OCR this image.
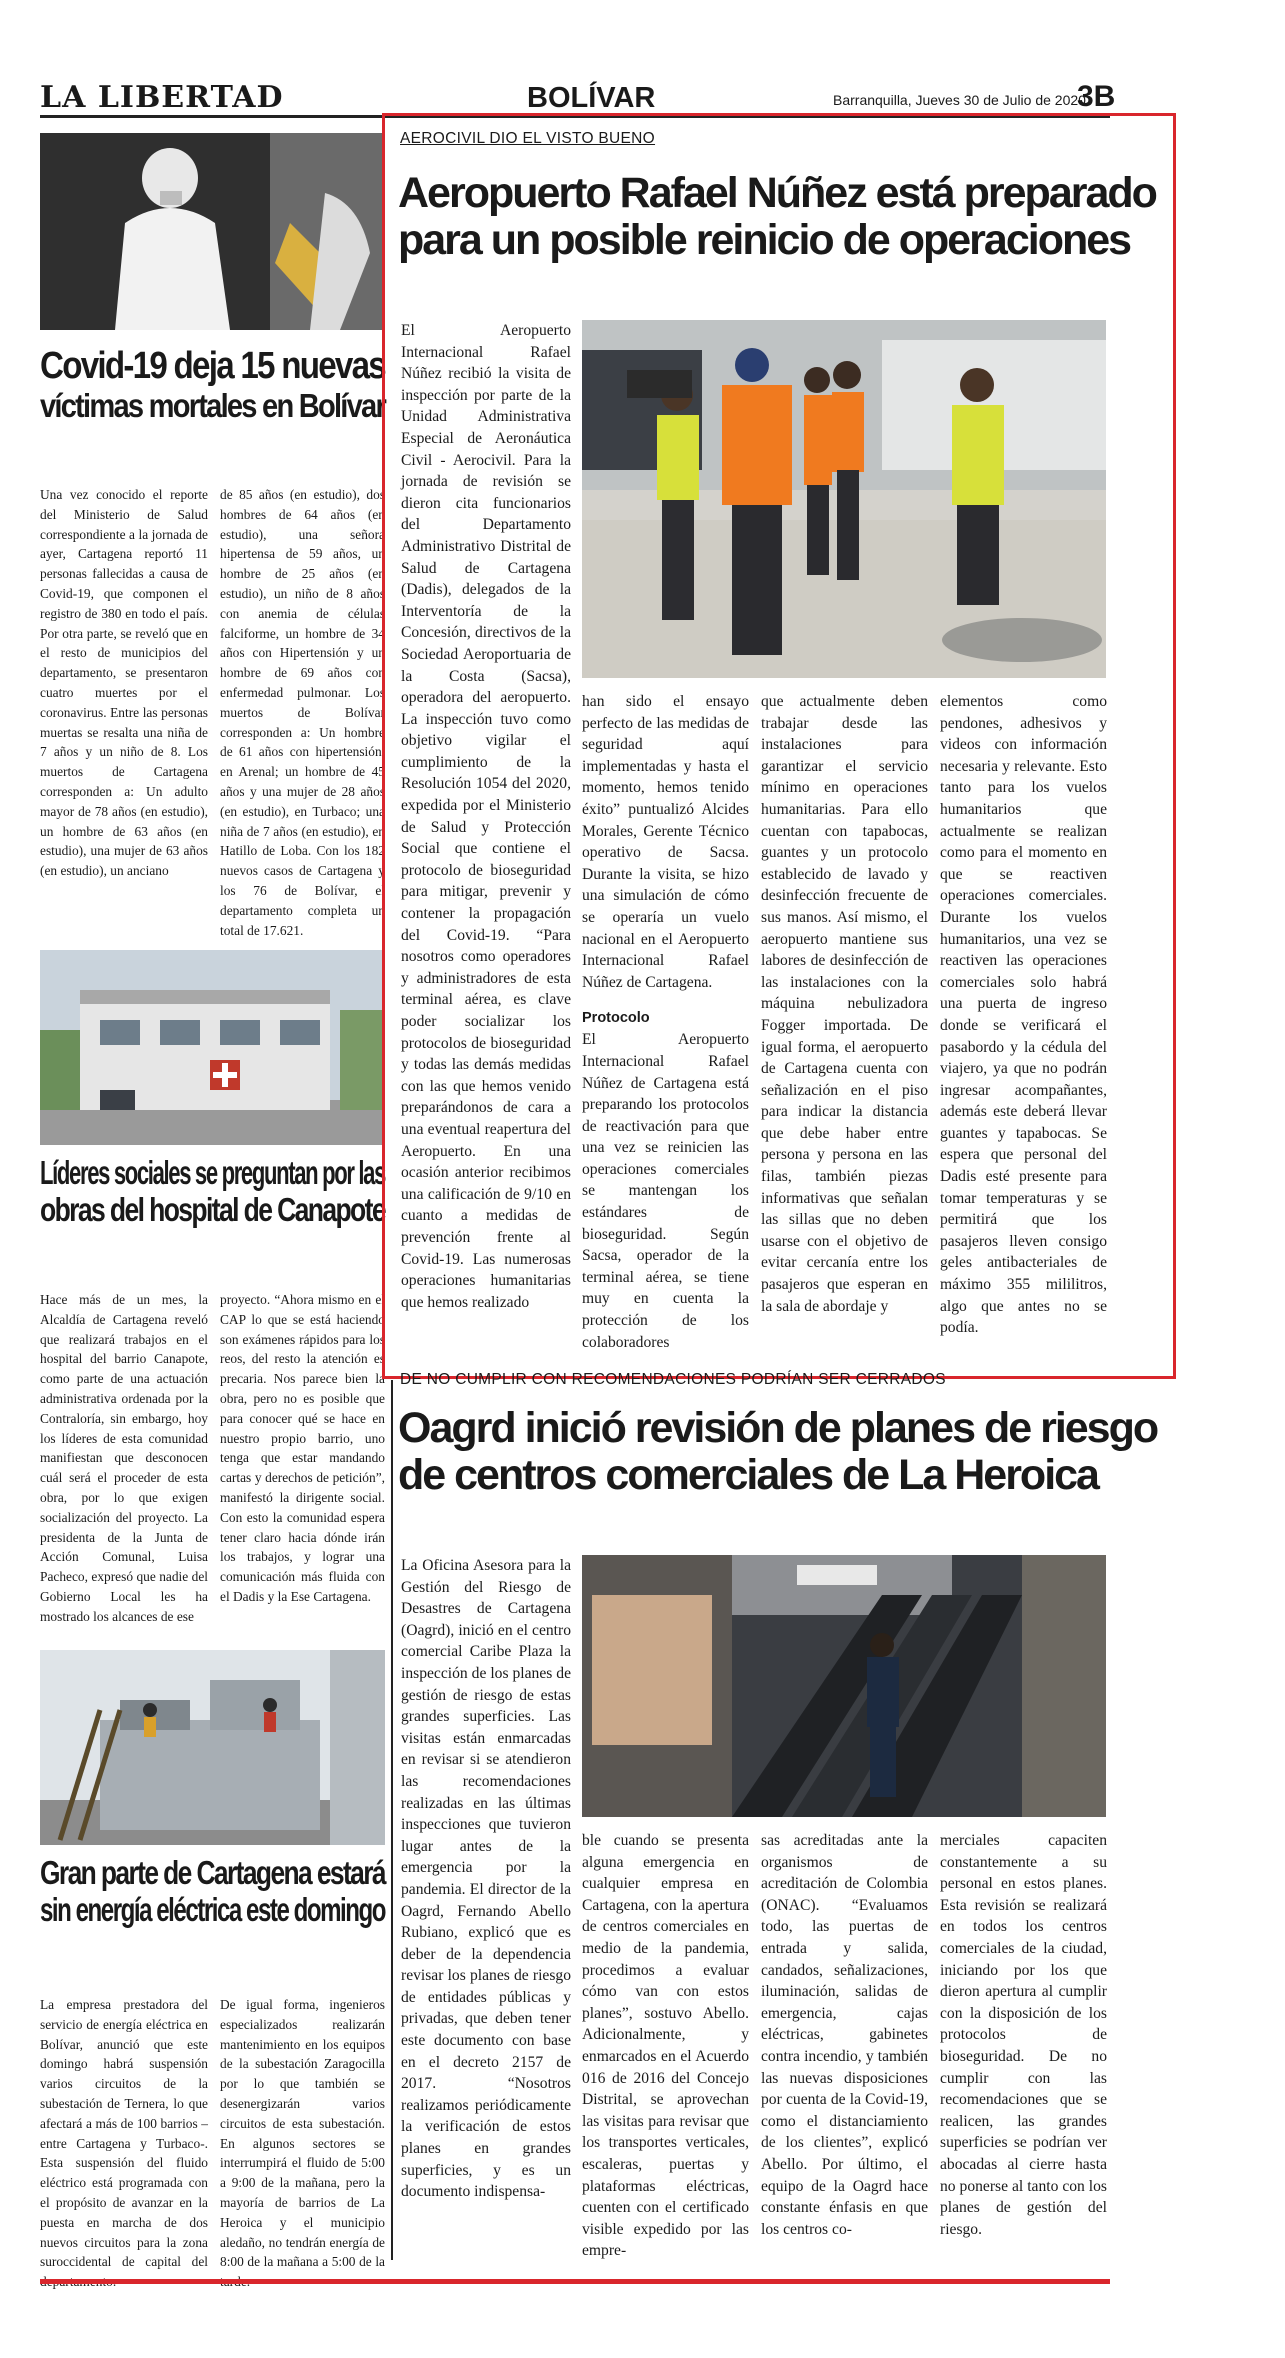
LA LIBERTAD	BOLÍVAR	Barranquilla, Jueves 30 de Julio de 2020
3B
Covid-19 deja 15 nuevas
víctimas mortales en Bolívar

Una vez conocido el reporte del Ministerio de Salud correspondiente a la jornada de ayer, Cartagena reportó 11 personas fallecidas a causa de Covid-19, que componen el registro de 380 en todo el país. Por otra parte, se reveló que en el resto de municipios del departamento, se presentaron cuatro muertes por el coronavirus. Entre las personas muertas se resalta una niña de 7 años y un niño de 8. Los muertos de Cartagena corresponden a: Un adulto mayor de 78 años (en estudio), un hombre de 63 años (en estudio), una mujer de 63 años (en estudio), un anciano

de 85 años (en estudio), dos hombres de 64 años (en estudio), una señora hipertensa de 59 años, un hombre de 25 años (en estudio), un niño de 8 años con anemia de células falciforme, un hombre de 34 años con Hipertensión y un hombre de 69 años con enfermedad pulmonar. Los muertos de Bolívar corresponden a: Un hombre de 61 años con hipertensión, en Arenal; un hombre de 45 años y una mujer de 28 años (en estudio), en Turbaco; una niña de 7 años (en estudio), en Hatillo de Loba. Con los 182 nuevos casos de Cartagena y los 76 de Bolívar, el departamento completa un total de 17.621.

Líderes sociales se preguntan por las
obras del hospital de Canapote

Hace más de un mes, la Alcaldía de Cartagena reveló que realizará trabajos en el hospital del barrio Canapote, como parte de una actuación administrativa ordenada por la Contraloría, sin embargo, hoy los líderes de esta comunidad manifiestan que desconocen cuál será el proceder de esta obra, por lo que exigen socialización del proyecto. La presidenta de la Junta de Acción Comunal, Luisa Pacheco, expresó que nadie del Gobierno Local les ha mostrado los alcances de ese

proyecto. “Ahora mismo en el CAP lo que se está haciendo son exámenes rápidos para los reos, del resto la atención es precaria. Nos parece bien la obra, pero no es posible que para conocer qué se hace en nuestro propio barrio, uno tenga que estar mandando cartas y derechos de petición”, manifestó la dirigente social. Con esto la comunidad espera tener claro hacia dónde irán los trabajos, y lograr una comunicación más fluida con el Dadis y la Ese Cartagena.

Gran parte de Cartagena estará
sin energía eléctrica este domingo

La empresa prestadora del servicio de energía eléctrica en Bolívar, anunció que este domingo habrá suspensión varios circuitos de la subestación de Ternera, lo que afectará a más de 100 barrios –entre Cartagena y Turbaco-. Esta suspensión del fluido eléctrico está programada con el propósito de avanzar en la puesta en marcha de dos nuevos circuitos para la zona suroccidental de capital del

De igual forma, ingenieros especializados realizarán mantenimiento en los equipos de la subestación Zaragocilla por lo que también se desenergizarán varios circuitos de esta subestación. En algunos sectores se interrumpirá el fluido de 5:00 a 9:00 de la mañana, pero la mayoría de barrios de La Heroica y el municipio aledaño, no tendrán energía de 8:00 de la mañana a 5:00 de la

AEROCIVIL DIO EL VISTO BUENO
Aeropuerto Rafael Núñez está preparado
para un posible reinicio de operaciones

El Aeropuerto Internacional Rafael Núñez recibió la visita de inspección por parte de la Unidad Administrativa Especial de Aeronáutica Civil - Aerocivil. Para la jornada de revisión se dieron cita funcionarios del Departamento Administrativo Distrital de Salud de Cartagena (Dadis), delegados de la Interventoría de la Concesión, directivos de la Sociedad Aeroportuaria de la Costa (Sacsa), operadora del aeropuerto. La inspección tuvo como objetivo vigilar el cumplimiento de la Resolución 1054 del 2020, expedida por el Ministerio de Salud y Protección Social que contiene el protocolo de bioseguridad para mitigar, prevenir y contener la propagación del Covid-19. “Para nosotros como operadores y administradores de esta terminal aérea, es clave poder socializar los protocolos de bioseguridad y todas las demás medidas con las que hemos venido preparándonos de cara a una eventual reapertura del Aeropuerto. En una ocasión anterior recibimos una calificación de 9/10 en cuanto a medidas de prevención frente al Covid-19. Las numerosas operaciones humanitarias que hemos realizado

han sido el ensayo perfecto de las medidas de seguridad aquí implementadas y hasta el momento, hemos tenido éxito” puntualizó Alcides Morales, Gerente Técnico operativo de Sacsa. Durante la visita, se hizo una simulación de cómo se operaría un vuelo nacional en el Aeropuerto Internacional Rafael Núñez de Cartagena.

Protocolo

El Aeropuerto Internacional Rafael Núñez de Cartagena está preparando los protocolos de reactivación para que una vez se reinicien las operaciones comerciales se mantengan los estándares de bioseguridad. Según Sacsa, operador de la terminal aérea, se tiene muy en cuenta la protección de los colaboradores

que actualmente deben trabajar desde las instalaciones para garantizar el servicio mínimo en operaciones humanitarias. Para ello cuentan con tapabocas, guantes y un protocolo establecido de lavado y desinfección frecuente de sus manos. Así mismo, el aeropuerto mantiene sus labores de desinfección de las instalaciones con la máquina nebulizadora Fogger importada. De igual forma, el aeropuerto de Cartagena cuenta con señalización en el piso para indicar la distancia que debe haber entre persona y persona en las filas, también piezas informativas que señalan las sillas que no deben usarse con el objetivo de evitar cercanía entre los pasajeros que esperan en la sala de abordaje y

elementos como pendones, adhesivos y videos con información necesaria y relevante. Esto tanto para los vuelos humanitarios que actualmente se realizan como para el momento en que se reactiven operaciones comerciales. Durante los vuelos humanitarios, una vez se reactiven las operaciones comerciales solo habrá una puerta de ingreso donde se verificará el pasabordo y la cédula del viajero, ya que no podrán ingresar acompañantes, además este deberá llevar guantes y tapabocas. Se espera que personal del Dadis esté presente para tomar temperaturas y se permitirá que los pasajeros lleven consigo geles antibacteriales de máximo 355 mililitros, algo que antes no se podía.

DE NO CUMPLIR CON RECOMENDACIONES PODRÍAN SER CERRADOS
Oagrd inició revisión de planes de riesgo
de centros comerciales de La Heroica

La Oficina Asesora para la Gestión del Riesgo de Desastres de Cartagena (Oagrd), inició en el centro comercial Caribe Plaza la inspección de los planes de gestión de riesgo de estas grandes superficies. Las visitas están enmarcadas en revisar si se atendieron las recomendaciones realizadas en las últimas inspecciones que tuvieron lugar antes de la emergencia por la pandemia. El director de la Oagrd, Fernando Abello Rubiano, explicó que es deber de la dependencia revisar los planes de riesgo de entidades públicas y privadas, que deben tener este documento con base en el decreto 2157 de 2017. “Nosotros realizamos periódicamente la verificación de estos planes en grandes superficies, y es un documento indispensa-

ble cuando se presenta alguna emergencia en cualquier empresa en Cartagena, con la apertura de centros comerciales en medio de la pandemia, procedimos a evaluar cómo van con estos planes”, sostuvo Abello. Adicionalmente, y enmarcados en el Acuerdo 016 de 2016 del Concejo Distrital, se aprovechan las visitas para revisar que los transportes verticales, escaleras, puertas y plataformas eléctricas, cuenten con el certificado visible expedido por las empre-

sas acreditadas ante la organismos de acreditación de Colombia (ONAC). “Evaluamos todo, las puertas de entrada y salida, candados, señalizaciones, iluminación, salidas de emergencia, cajas eléctricas, gabinetes contra incendio, y también las nuevas disposiciones por cuenta de la Covid-19, como el distanciamiento de los clientes”, explicó Abello. Por último, el equipo de la Oagrd hace constante énfasis en que los centros co-

merciales capaciten constantemente a su personal en estos planes. Esta revisión se realizará en todos los centros comerciales de la ciudad, iniciando por los que dieron apertura al cumplir con la disposición de los protocolos de bioseguridad. De no cumplir con las recomendaciones que se realicen, las grandes superficies se podrían ver abocadas al cierre hasta no ponerse al tanto con los planes de gestión del riesgo.
